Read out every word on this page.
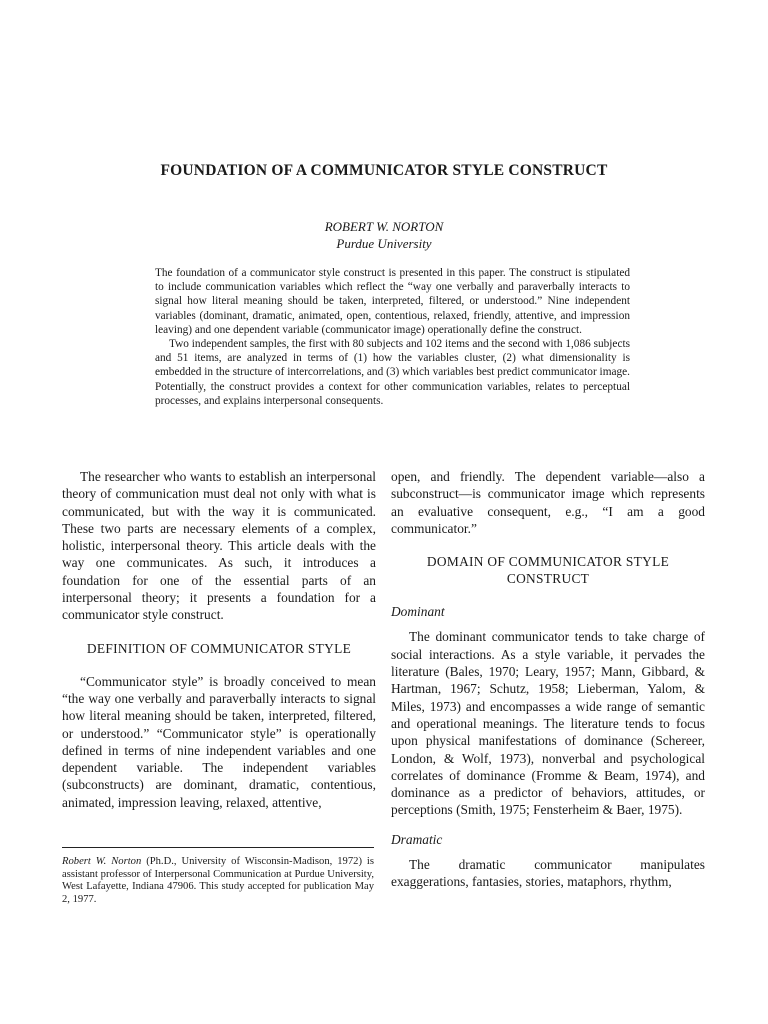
FOUNDATION OF A COMMUNICATOR STYLE CONSTRUCT
ROBERT W. NORTON
Purdue University

The foundation of a communicator style construct is presented in this paper. The construct is stipulated to include communication variables which reflect the “way one verbally and paraverbally interacts to signal how literal meaning should be taken, interpreted, filtered, or understood.” Nine independent variables (dominant, dramatic, animated, open, contentious, relaxed, friendly, attentive, and impression leaving) and one dependent variable (communicator image) operationally define the construct.

Two independent samples, the first with 80 subjects and 102 items and the second with 1,086 subjects and 51 items, are analyzed in terms of (1) how the variables cluster, (2) what dimensionality is embedded in the structure of intercorrelations, and (3) which variables best predict communicator image. Potentially, the construct provides a context for other communication variables, relates to perceptual processes, and explains interpersonal consequents.

The researcher who wants to establish an interpersonal theory of communication must deal not only with what is communicated, but with the way it is communicated. These two parts are necessary elements of a complex, holistic, interpersonal theory. This article deals with the way one communicates. As such, it introduces a foundation for one of the essential parts of an interpersonal theory; it presents a foundation for a communicator style construct.

DEFINITION OF COMMUNICATOR STYLE

“Communicator style” is broadly conceived to mean “the way one verbally and paraverbally interacts to signal how literal meaning should be taken, interpreted, filtered, or understood.” “Communicator style” is operationally defined in terms of nine independent variables and one dependent variable. The independent variables (subconstructs) are dominant, dramatic, contentious, animated, impression leaving, relaxed, attentive,

Robert W. Norton (Ph.D., University of Wisconsin-Madison, 1972) is assistant professor of Interpersonal Communication at Purdue University, West Lafayette, Indiana 47906. This study accepted for publication May 2, 1977.

open, and friendly. The dependent variable—also a subconstruct—is communicator image which represents an evaluative consequent, e.g., “I am a good communicator.”

DOMAIN OF COMMUNICATOR STYLE CONSTRUCT
Dominant

The dominant communicator tends to take charge of social interactions. As a style variable, it pervades the literature (Bales, 1970; Leary, 1957; Mann, Gibbard, & Hartman, 1967; Schutz, 1958; Lieberman, Yalom, & Miles, 1973) and encompasses a wide range of semantic and operational meanings. The literature tends to focus upon physical manifestations of dominance (Schereer, London, & Wolf, 1973), nonverbal and psychological correlates of dominance (Fromme & Beam, 1974), and dominance as a predictor of behaviors, attitudes, or perceptions (Smith, 1975; Fensterheim & Baer, 1975).

Dramatic

The dramatic communicator manipulates exaggerations, fantasies, stories, mataphors, rhythm,
